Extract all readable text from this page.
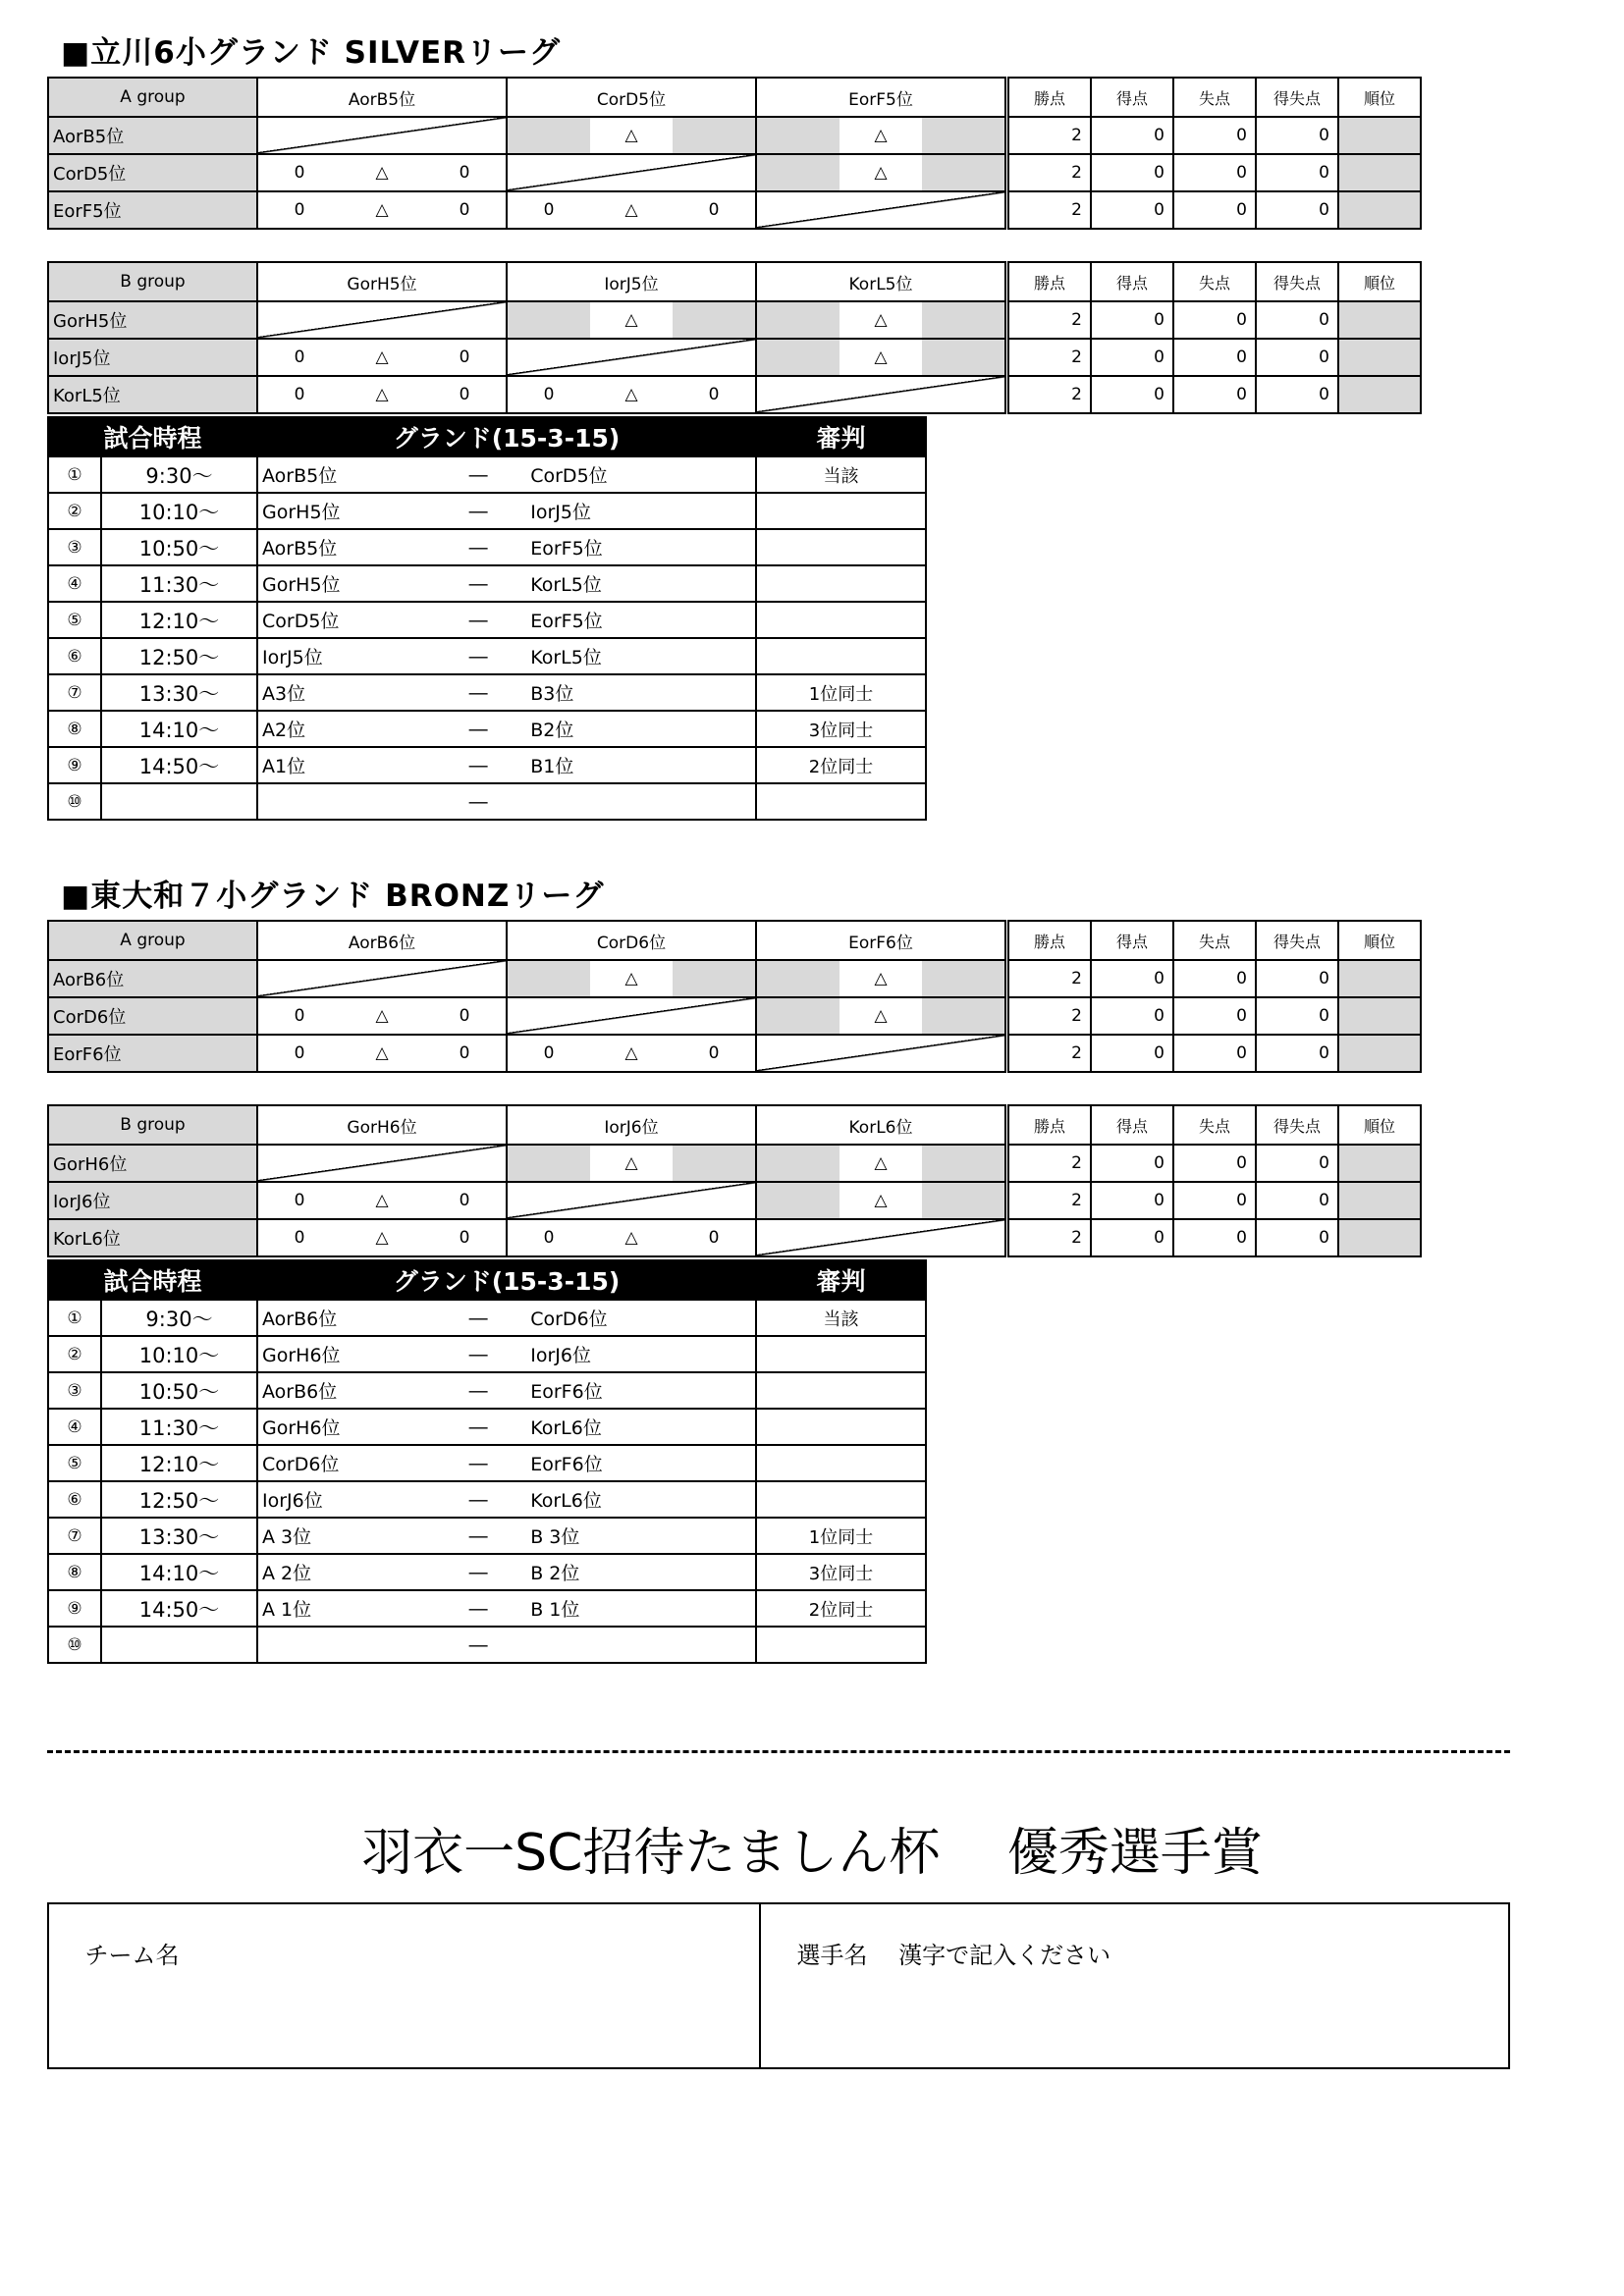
■立川6小グランド SILVERリーグ
A group	AorB5位	CorD5位	EorF5位		勝点	得点	失点	得失点	順位
AorB5位		△	△		2	0	0	0	
CorD5位	0 △ 0		△		2	0	0	0	
EorF5位	0 △ 0	0 △ 0			2	0	0	0	
B group	GorH5位	IorJ5位	KorL5位		勝点	得点	失点	得失点	順位
GorH5位		△	△		2	0	0	0	
IorJ5位	0 △ 0		△		2	0	0	0	
KorL5位	0 △ 0	0 △ 0			2	0	0	0	
試合時程		グランド(15-3-15)	審判
①	9:30～	AorB5位 ― CorD5位	当該
②	10:10～	GorH5位 ― IorJ5位	

③	10:50～	AorB5位 ― EorF5位	

④	11:30～	GorH5位 ― KorL5位	

⑤	12:10～	CorD5位 ― EorF5位	

⑥	12:50～	IorJ5位 ― KorL5位	

⑦	13:30～	A3位 ― B3位	1位同士
⑧	14:10～	A2位 ― B2位	3位同士
⑨	14:50～	A1位 ― B1位	2位同士
⑩		―	

■東大和７小グランド BRONZリーグ
A group	AorB6位	CorD6位	EorF6位		勝点	得点	失点	得失点	順位
AorB6位		△	△		2	0	0	0	
CorD6位	0 △ 0		△		2	0	0	0	
EorF6位	0 △ 0	0 △ 0			2	0	0	0	
B group	GorH6位	IorJ6位	KorL6位		勝点	得点	失点	得失点	順位
GorH6位		△	△		2	0	0	0	
IorJ6位	0 △ 0		△		2	0	0	0	
KorL6位	0 △ 0	0 △ 0			2	0	0	0	
試合時程		グランド(15-3-15)	審判
①	9:30～	AorB6位 ― CorD6位	当該
②	10:10～	GorH6位 ― IorJ6位	

③	10:50～	AorB6位 ― EorF6位	

④	11:30～	GorH6位 ― KorL6位	

⑤	12:10～	CorD6位 ― EorF6位	

⑥	12:50～	IorJ6位 ― KorL6位	

⑦	13:30～	A 3位 ― B 3位	1位同士
⑧	14:10～	A 2位 ― B 2位	3位同士
⑨	14:50～	A 1位 ― B 1位	2位同士
⑩		―	

羽衣一SC招待たましん杯　 優秀選手賞

チーム名
	選手名　 漢字で記入ください
